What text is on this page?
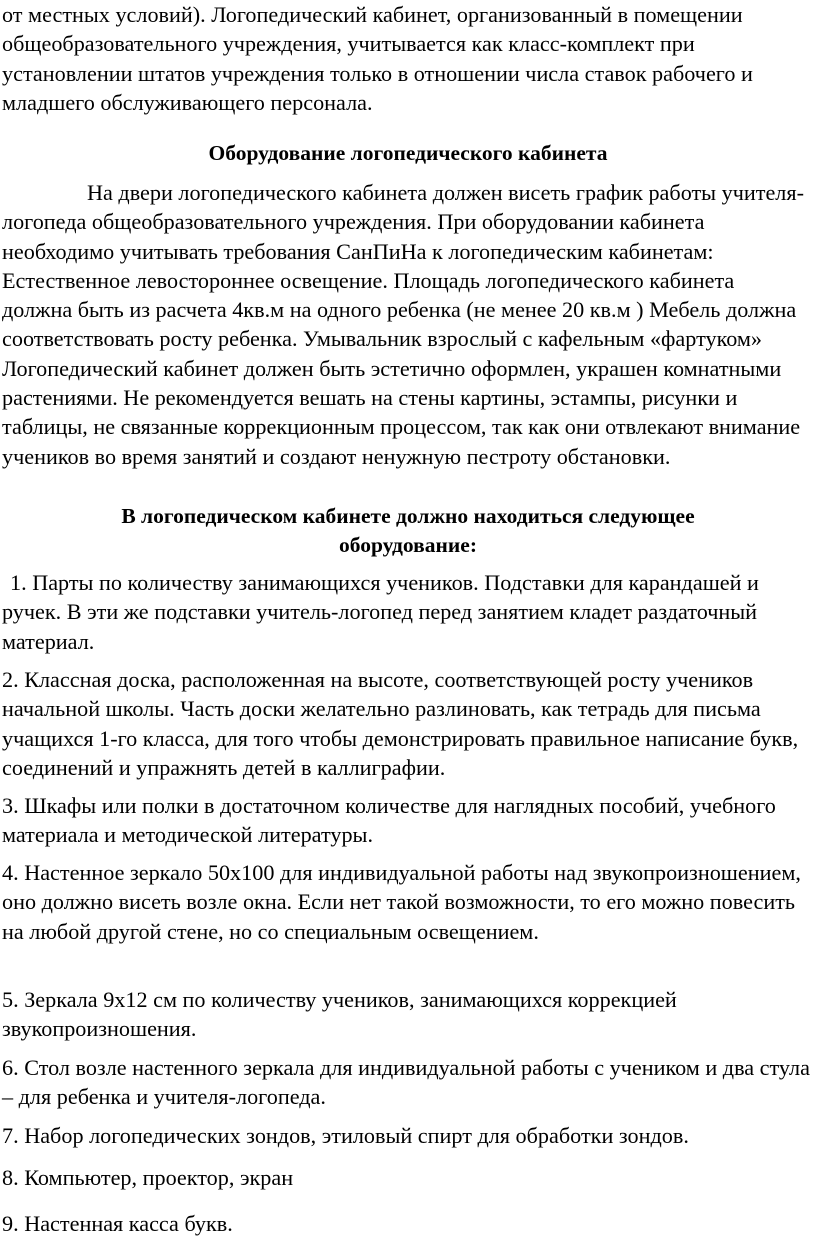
от местных условий). Логопедический кабинет, организованный в помещении общеобразовательного учреждения, учитывается как класс-комплект при установлении штатов учреждения только в отношении числа ставок рабочего и младшего обслуживающего персонала.

Оборудование логопедического кабинета

На двери логопедического кабинета должен висеть график работы учителя-логопеда общеобразовательного учреждения. При оборудовании кабинета необходимо учитывать требования СанПиНа к логопедическим кабинетам: Естественное левостороннее освещение. Площадь логопедического кабинета должна быть из расчета 4кв.м на одного ребенка (не менее 20 кв.м ) Мебель должна соответствовать росту ребенка. Умывальник взрослый с кафельным «фартуком» Логопедический кабинет должен быть эстетично оформлен, украшен комнатными растениями. Не рекомендуется вешать на стены картины, эстампы, рисунки и таблицы, не связанные коррекционным процессом, так как они отвлекают внимание учеников во время занятий и создают ненужную пестроту обстановки.

В логопедическом кабинете должно находиться следующее оборудование:

1. Парты по количеству занимающихся учеников. Подставки для карандашей и ручек. В эти же подставки учитель-логопед перед занятием кладет раздаточный материал.

2. Классная доска, расположенная на высоте, соответствующей росту учеников начальной школы. Часть доски желательно разлиновать, как тетрадь для письма учащихся 1-го класса, для того чтобы демонстрировать правильное написание букв, соединений и упражнять детей в каллиграфии.

3. Шкафы или полки в достаточном количестве для наглядных пособий, учебного материала и методической литературы.

4. Настенное зеркало 50х100 для индивидуальной работы над звукопроизношением, оно должно висеть возле окна. Если нет такой возможности, то его можно повесить на любой другой стене, но со специальным освещением.

5. Зеркала 9х12 см по количеству учеников, занимающихся коррекцией звукопроизношения.

6. Стол возле настенного зеркала для индивидуальной работы с учеником и два стула – для ребенка и учителя-логопеда.

7. Набор логопедических зондов, этиловый спирт для обработки зондов.

8. Компьютер, проектор, экран

9. Настенная касса букв.
